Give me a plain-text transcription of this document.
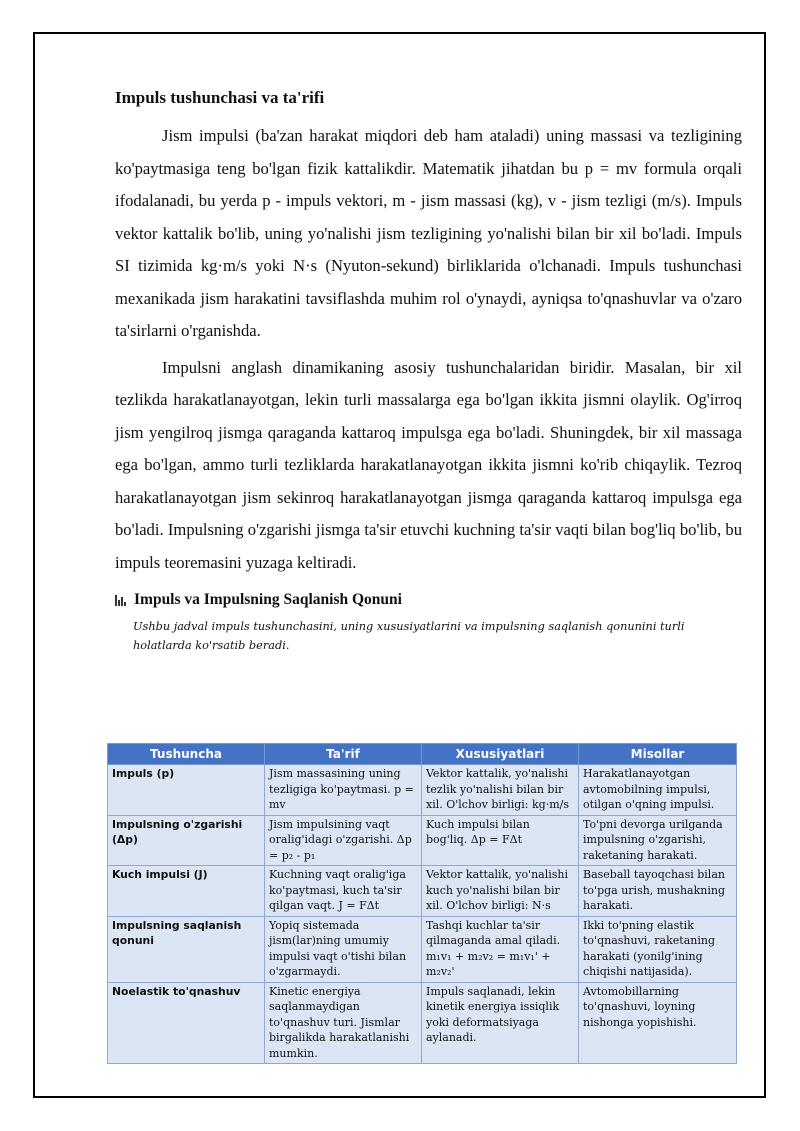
Impuls tushunchasi va ta'rifi

Jism impulsi (ba'zan harakat miqdori deb ham ataladi) uning massasi va tezligining ko'paytmasiga teng bo'lgan fizik kattalikdir. Matematik jihatdan bu p = mv formula orqali ifodalanadi, bu yerda p - impuls vektori, m - jism massasi (kg), v - jism tezligi (m/s). Impuls vektor kattalik bo'lib, uning yo'nalishi jism tezligining yo'nalishi bilan bir xil bo'ladi. Impuls SI tizimida kg·m/s yoki N·s (Nyuton-sekund) birliklarida o'lchanadi. Impuls tushunchasi mexanikada jism harakatini tavsiflashda muhim rol o'ynaydi, ayniqsa to'qnashuvlar va o'zaro ta'sirlarni o'rganishda.

Impulsni anglash dinamikaning asosiy tushunchalaridan biridir. Masalan, bir xil tezlikda harakatlanayotgan, lekin turli massalarga ega bo'lgan ikkita jismni olaylik. Og'irroq jism yengilroq jismga qaraganda kattaroq impulsga ega bo'ladi. Shuningdek, bir xil massaga ega bo'lgan, ammo turli tezliklarda harakatlanayotgan ikkita jismni ko'rib chiqaylik. Tezroq harakatlanayotgan jism sekinroq harakatlanayotgan jismga qaraganda kattaroq impulsga ega bo'ladi. Impulsning o'zgarishi jismga ta'sir etuvchi kuchning ta'sir vaqti bilan bog'liq bo'lib, bu impuls teoremasini yuzaga keltiradi.

Impuls va Impulsning Saqlanish Qonuni
Ushbu jadval impuls tushunchasini, uning xususiyatlarini va impulsning saqlanish qonunini turli holatlarda ko'rsatib beradi.
Tushuncha	Ta'rif	Xususiyatlari	Misollar
Impuls (p)	Jism massasining uning tezligiga ko'paytmasi. p = mv	Vektor kattalik, yo'nalishi tezlik yo'nalishi bilan bir xil. O'lchov birligi: kg·m/s	Harakatlanayotgan avtomobilning impulsi, otilgan o'qning impulsi.
Impulsning o'zgarishi (Δp)	Jism impulsining vaqt oralig'idagi o'zgarishi. Δp = p₂ - p₁	Kuch impulsi bilan bog'liq. Δp = FΔt	To'pni devorga urilganda impulsning o'zgarishi, raketaning harakati.
Kuch impulsi (J)	Kuchning vaqt oralig'iga ko'paytmasi, kuch ta'sir qilgan vaqt. J = FΔt	Vektor kattalik, yo'nalishi kuch yo'nalishi bilan bir xil. O'lchov birligi: N·s	Baseball tayoqchasi bilan to'pga urish, mushakning harakati.
Impulsning saqlanish qonuni	Yopiq sistemada jism(lar)ning umumiy impulsi vaqt o'tishi bilan o'zgarmaydi.	Tashqi kuchlar ta'sir qilmaganda amal qiladi. m₁v₁ + m₂v₂ = m₁v₁' + m₂v₂'	Ikki to'pning elastik to'qnashuvi, raketaning harakati (yonilg'ining chiqishi natijasida).
Noelastik to'qnashuv	Kinetic energiya saqlanmaydigan to'qnashuv turi. Jismlar birgalikda harakatlanishi mumkin.	Impuls saqlanadi, lekin kinetik energiya issiqlik yoki deformatsiyaga aylanadi.	Avtomobillarning to'qnashuvi, loyning nishonga yopishishi.
